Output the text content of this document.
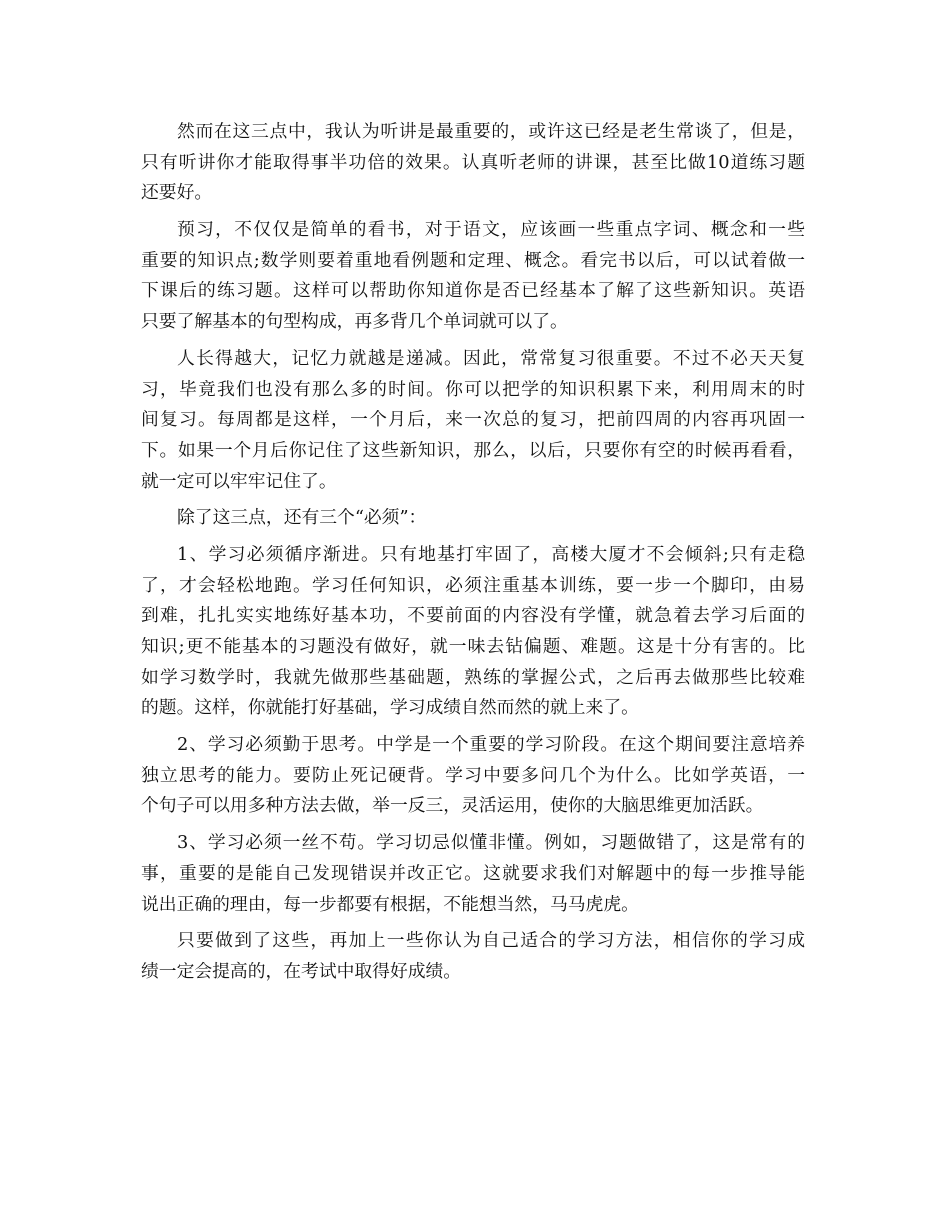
然而在这三点中，我认为听讲是最重要的，或许这已经是老生常谈了，但是，
只有听讲你才能取得事半功倍的效果。认真听老师的讲课，甚至比做10道练习题
还要好。
预习，不仅仅是简单的看书，对于语文，应该画一些重点字词、概念和一些
重要的知识点;数学则要着重地看例题和定理、概念。看完书以后，可以试着做一
下课后的练习题。这样可以帮助你知道你是否已经基本了解了这些新知识。英语
只要了解基本的句型构成，再多背几个单词就可以了。
人长得越大，记忆力就越是递减。因此，常常复习很重要。不过不必天天复
习，毕竟我们也没有那么多的时间。你可以把学的知识积累下来，利用周末的时
间复习。每周都是这样，一个月后，来一次总的复习，把前四周的内容再巩固一
下。如果一个月后你记住了这些新知识，那么，以后，只要你有空的时候再看看，
就一定可以牢牢记住了。
除了这三点，还有三个“必须”：
1、学习必须循序渐进。只有地基打牢固了，高楼大厦才不会倾斜;只有走稳
了，才会轻松地跑。学习任何知识，必须注重基本训练，要一步一个脚印，由易
到难，扎扎实实地练好基本功，不要前面的内容没有学懂，就急着去学习后面的
知识;更不能基本的习题没有做好，就一味去钻偏题、难题。这是十分有害的。比
如学习数学时，我就先做那些基础题，熟练的掌握公式，之后再去做那些比较难
的题。这样，你就能打好基础，学习成绩自然而然的就上来了。
2、学习必须勤于思考。中学是一个重要的学习阶段。在这个期间要注意培养
独立思考的能力。要防止死记硬背。学习中要多问几个为什么。比如学英语，一
个句子可以用多种方法去做，举一反三，灵活运用，使你的大脑思维更加活跃。
3、学习必须一丝不苟。学习切忌似懂非懂。例如，习题做错了，这是常有的
事，重要的是能自己发现错误并改正它。这就要求我们对解题中的每一步推导能
说出正确的理由，每一步都要有根据，不能想当然，马马虎虎。
只要做到了这些，再加上一些你认为自己适合的学习方法，相信你的学习成
绩一定会提高的，在考试中取得好成绩。
